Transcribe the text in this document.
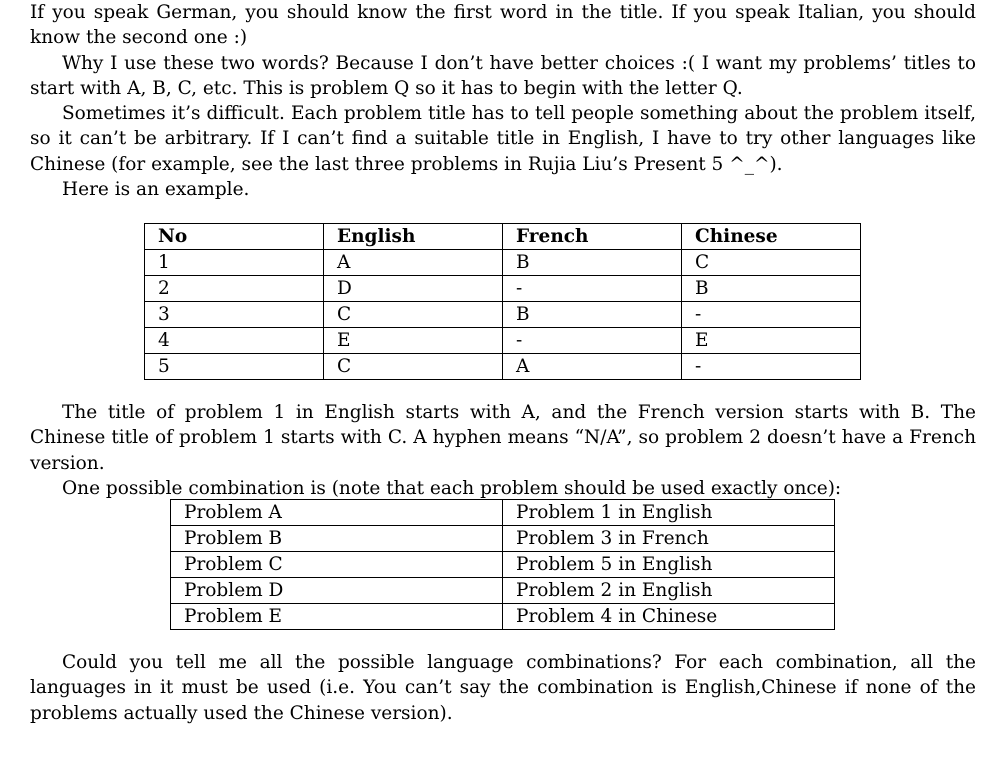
If you speak German, you should know the first word in the title. If you speak Italian, you should know the second one :)

Why I use these two words? Because I don’t have better choices :( I want my problems’ titles to start with A, B, C, etc. This is problem Q so it has to begin with the letter Q.

Sometimes it’s difficult. Each problem title has to tell people something about the problem itself, so it can’t be arbitrary. If I can’t find a suitable title in English, I have to try other languages like Chinese (for example, see the last three problems in Rujia Liu’s Present 5 ^_^).

Here is an example.

No	English	French	Chinese
1	A	B	C
2	D	-	B
3	C	B	-
4	E	-	E
5	C	A	-

The title of problem 1 in English starts with A, and the French version starts with B. The Chinese title of problem 1 starts with C. A hyphen means “N/A”, so problem 2 doesn’t have a French version.

One possible combination is (note that each problem should be used exactly once):

Problem A	Problem 1 in English
Problem B	Problem 3 in French
Problem C	Problem 5 in English
Problem D	Problem 2 in English
Problem E	Problem 4 in Chinese

Could you tell me all the possible language combinations? For each combination, all the languages in it must be used (i.e. You can’t say the combination is English,Chinese if none of the problems actually used the Chinese version).
